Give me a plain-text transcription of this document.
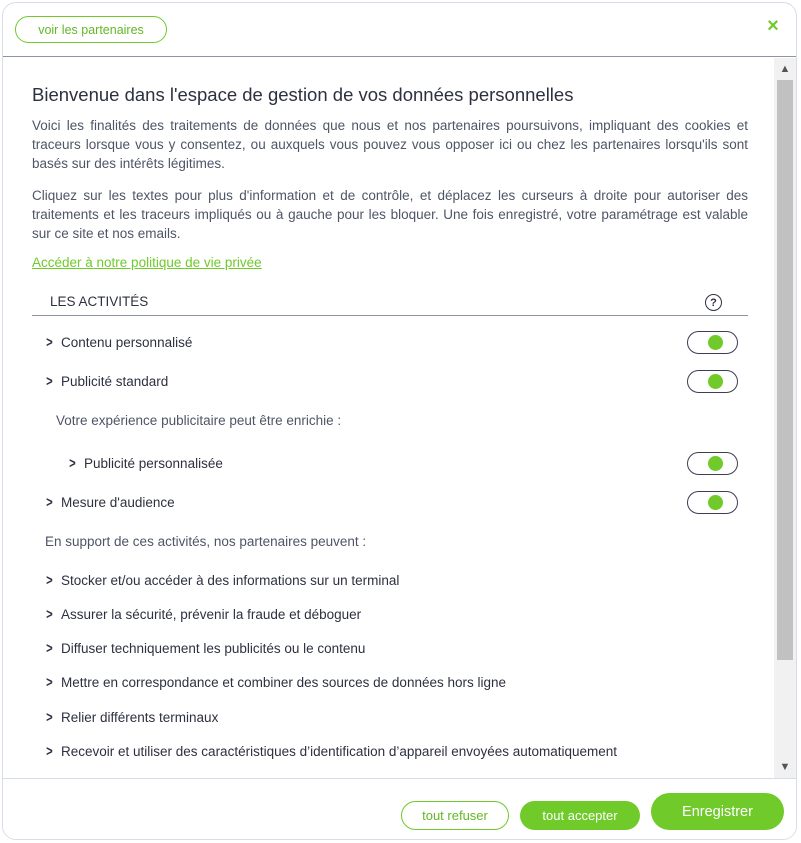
voir les partenaires	×
Bienvenue dans l'espace de gestion de vos données personnelles
Voici les finalités des traitements de données que nous et nos partenaires poursuivons, impliquant des cookies et traceurs lorsque vous y consentez, ou auxquels vous pouvez vous opposer ici ou chez les partenaires lorsqu'ils sont basés sur des intérêts légitimes.
Cliquez sur les textes pour plus d'information et de contrôle, et déplacez les curseurs à droite pour autoriser des traitements et les traceurs impliqués ou à gauche pour les bloquer. Une fois enregistré, votre paramétrage est valable sur ce site et nos emails.
Accéder à notre politique de vie privée
LES ACTIVITÉS	?
> Contenu personnalisé
> Publicité standard
Votre expérience publicitaire peut être enrichie :
> Publicité personnalisée
> Mesure d'audience
En support de ces activités, nos partenaires peuvent :
> Stocker et/ou accéder à des informations sur un terminal
> Assurer la sécurité, prévenir la fraude et déboguer
> Diffuser techniquement les publicités ou le contenu
> Mettre en correspondance et combiner des sources de données hors ligne
> Relier différents terminaux
> Recevoir et utiliser des caractéristiques d’identification d’appareil envoyées automatiquement
▲
▼
tout refuser	tout accepter	Enregistrer
